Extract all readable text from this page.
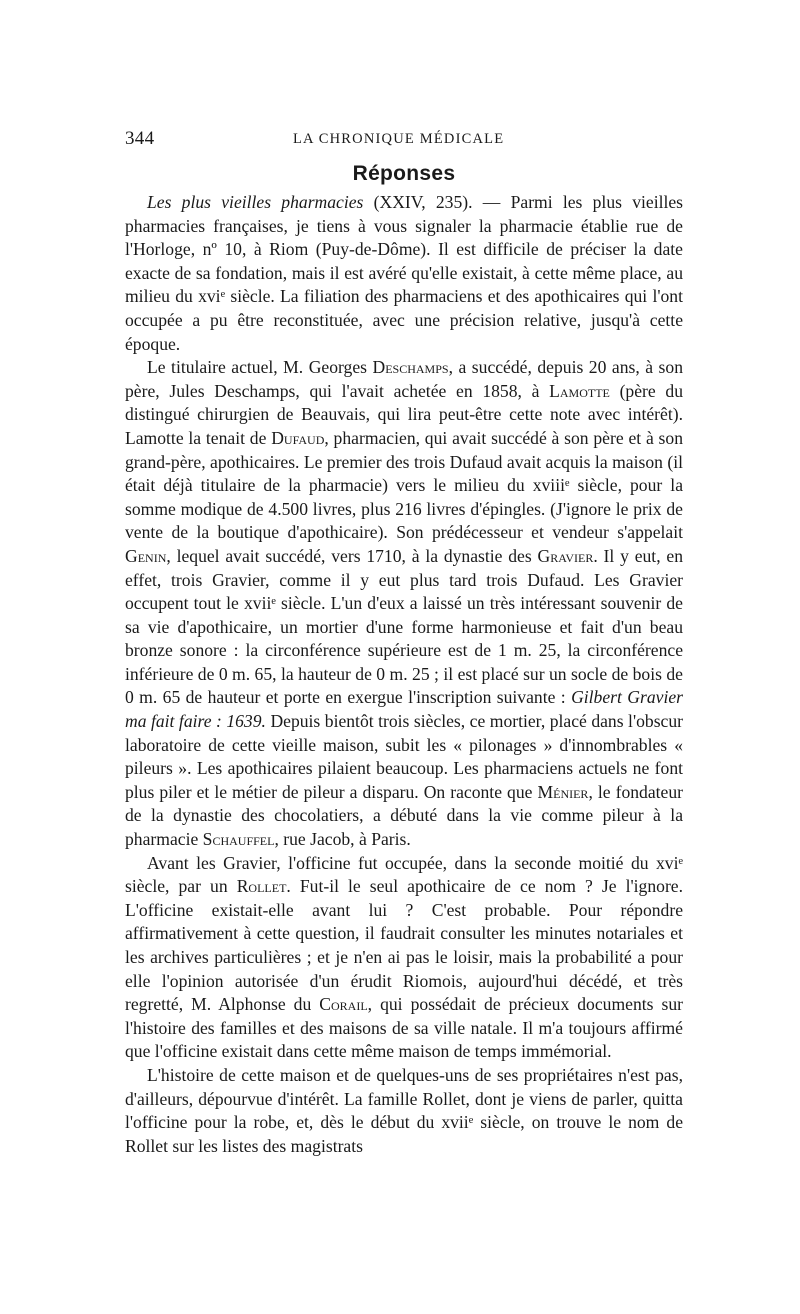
344	LA CHRONIQUE MÉDICALE
Réponses

Les plus vieilles pharmacies (XXIV, 235). — Parmi les plus vieilles pharmacies françaises, je tiens à vous signaler la pharmacie établie rue de l'Horloge, nº 10, à Riom (Puy-de-Dôme). Il est difficile de préciser la date exacte de sa fondation, mais il est avéré qu'elle existait, à cette même place, au milieu du xviᵉ siècle. La filiation des pharmaciens et des apothicaires qui l'ont occupée a pu être reconstituée, avec une précision relative, jusqu'à cette époque.

Le titulaire actuel, M. Georges Deschamps, a succédé, depuis 20 ans, à son père, Jules Deschamps, qui l'avait achetée en 1858, à Lamotte (père du distingué chirurgien de Beauvais, qui lira peut-être cette note avec intérêt). Lamotte la tenait de Dufaud, pharmacien, qui avait succédé à son père et à son grand-père, apothicaires. Le premier des trois Dufaud avait acquis la maison (il était déjà titulaire de la pharmacie) vers le milieu du xviiiᵉ siècle, pour la somme modique de 4.500 livres, plus 216 livres d'épingles. (J'ignore le prix de vente de la boutique d'apothicaire). Son prédécesseur et vendeur s'appelait Genin, lequel avait succédé, vers 1710, à la dynastie des Gravier. Il y eut, en effet, trois Gravier, comme il y eut plus tard trois Dufaud. Les Gravier occupent tout le xviiᵉ siècle. L'un d'eux a laissé un très intéressant souvenir de sa vie d'apothicaire, un mortier d'une forme harmonieuse et fait d'un beau bronze sonore : la circonférence supérieure est de 1 m. 25, la circonférence inférieure de 0 m. 65, la hauteur de 0 m. 25 ; il est placé sur un socle de bois de 0 m. 65 de hauteur et porte en exergue l'inscription suivante : Gilbert Gravier ma fait faire : 1639. Depuis bientôt trois siècles, ce mortier, placé dans l'obscur laboratoire de cette vieille maison, subit les « pilonages » d'innombrables « pileurs ». Les apothicaires pilaient beaucoup. Les pharmaciens actuels ne font plus piler et le métier de pileur a disparu. On raconte que Ménier, le fondateur de la dynastie des chocolatiers, a débuté dans la vie comme pileur à la pharmacie Schauffel, rue Jacob, à Paris.

Avant les Gravier, l'officine fut occupée, dans la seconde moitié du xviᵉ siècle, par un Rollet. Fut-il le seul apothicaire de ce nom ? Je l'ignore. L'officine existait-elle avant lui ? C'est probable. Pour répondre affirmativement à cette question, il faudrait consulter les minutes notariales et les archives particulières ; et je n'en ai pas le loisir, mais la probabilité a pour elle l'opinion autorisée d'un érudit Riomois, aujourd'hui décédé, et très regretté, M. Alphonse du Corail, qui possédait de précieux documents sur l'histoire des familles et des maisons de sa ville natale. Il m'a toujours affirmé que l'officine existait dans cette même maison de temps immémorial.

L'histoire de cette maison et de quelques-uns de ses propriétaires n'est pas, d'ailleurs, dépourvue d'intérêt. La famille Rollet, dont je viens de parler, quitta l'officine pour la robe, et, dès le début du xviiᵉ siècle, on trouve le nom de Rollet sur les listes des magistrats
